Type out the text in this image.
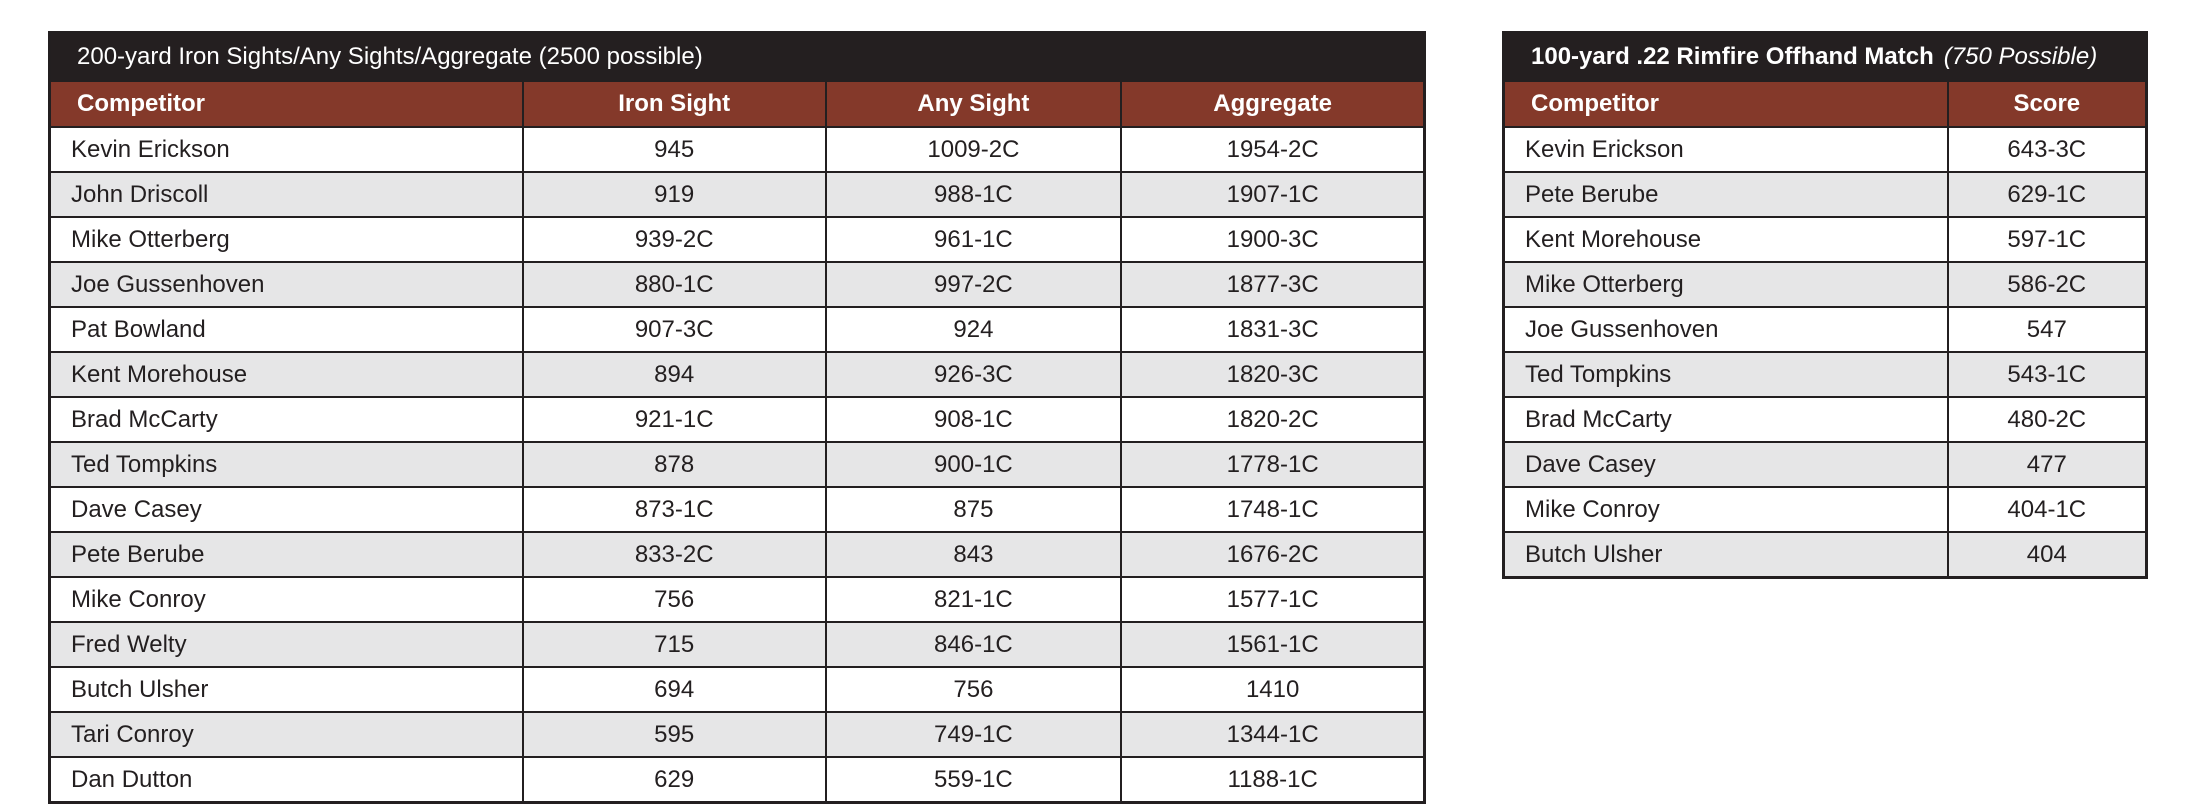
200-yard Iron Sights/Any Sights/Aggregate (2500 possible)
Competitor	Iron Sight	Any Sight	Aggregate
Kevin Erickson	945	1009-2C	1954-2C
John Driscoll	919	988-1C	1907-1C
Mike Otterberg	939-2C	961-1C	1900-3C
Joe Gussenhoven	880-1C	997-2C	1877-3C
Pat Bowland	907-3C	924	1831-3C
Kent Morehouse	894	926-3C	1820-3C
Brad McCarty	921-1C	908-1C	1820-2C
Ted Tompkins	878	900-1C	1778-1C
Dave Casey	873-1C	875	1748-1C
Pete Berube	833-2C	843	1676-2C
Mike Conroy	756	821-1C	1577-1C
Fred Welty	715	846-1C	1561-1C
Butch Ulsher	694	756	1410
Tari Conroy	595	749-1C	1344-1C
Dan Dutton	629	559-1C	1188-1C
100-yard .22 Rimfire Offhand Match (750 Possible)
Competitor	Score
Kevin Erickson	643-3C
Pete Berube	629-1C
Kent Morehouse	597-1C
Mike Otterberg	586-2C
Joe Gussenhoven	547
Ted Tompkins	543-1C
Brad McCarty	480-2C
Dave Casey	477
Mike Conroy	404-1C
Butch Ulsher	404
